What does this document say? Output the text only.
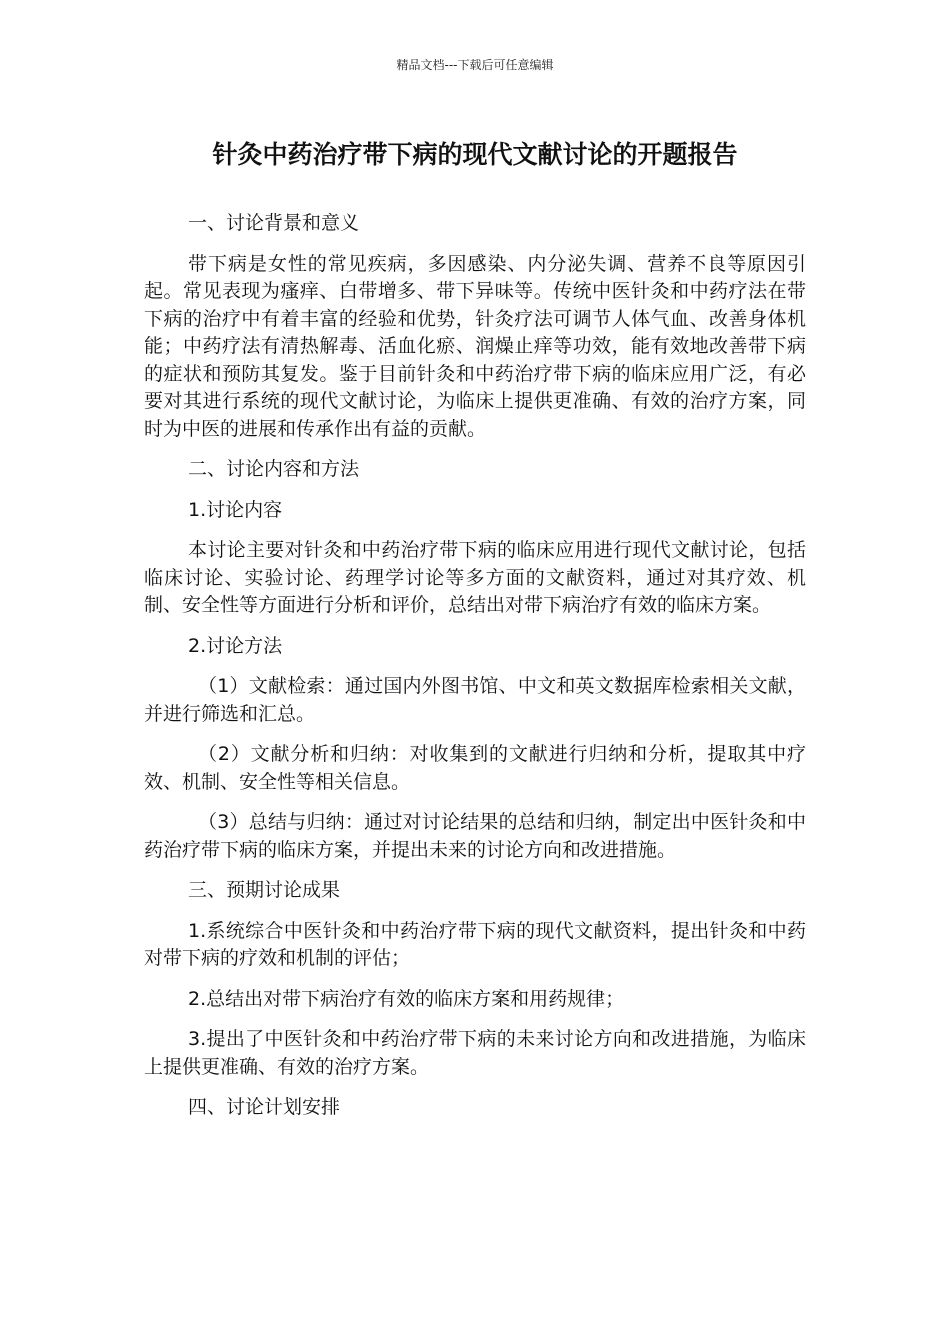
精品文档---下载后可任意编辑
针灸中药治疗带下病的现代文献讨论的开题报告

一、讨论背景和意义

带下病是女性的常见疾病，多因感染、内分泌失调、营养不良等原因引起。常见表现为瘙痒、白带增多、带下异味等。传统中医针灸和中药疗法在带下病的治疗中有着丰富的经验和优势，针灸疗法可调节人体气血、改善身体机能；中药疗法有清热解毒、活血化瘀、润燥止痒等功效，能有效地改善带下病的症状和预防其复发。鉴于目前针灸和中药治疗带下病的临床应用广泛，有必要对其进行系统的现代文献讨论，为临床上提供更准确、有效的治疗方案，同时为中医的进展和传承作出有益的贡献。

二、讨论内容和方法

1.讨论内容

本讨论主要对针灸和中药治疗带下病的临床应用进行现代文献讨论，包括临床讨论、实验讨论、药理学讨论等多方面的文献资料，通过对其疗效、机制、安全性等方面进行分析和评价，总结出对带下病治疗有效的临床方案。

2.讨论方法

（1）文献检索：通过国内外图书馆、中文和英文数据库检索相关文献，并进行筛选和汇总。

（2）文献分析和归纳：对收集到的文献进行归纳和分析，提取其中疗效、机制、安全性等相关信息。

（3）总结与归纳：通过对讨论结果的总结和归纳，制定出中医针灸和中药治疗带下病的临床方案，并提出未来的讨论方向和改进措施。

三、预期讨论成果

1.系统综合中医针灸和中药治疗带下病的现代文献资料，提出针灸和中药对带下病的疗效和机制的评估；

2.总结出对带下病治疗有效的临床方案和用药规律；

3.提出了中医针灸和中药治疗带下病的未来讨论方向和改进措施，为临床上提供更准确、有效的治疗方案。

四、讨论计划安排
